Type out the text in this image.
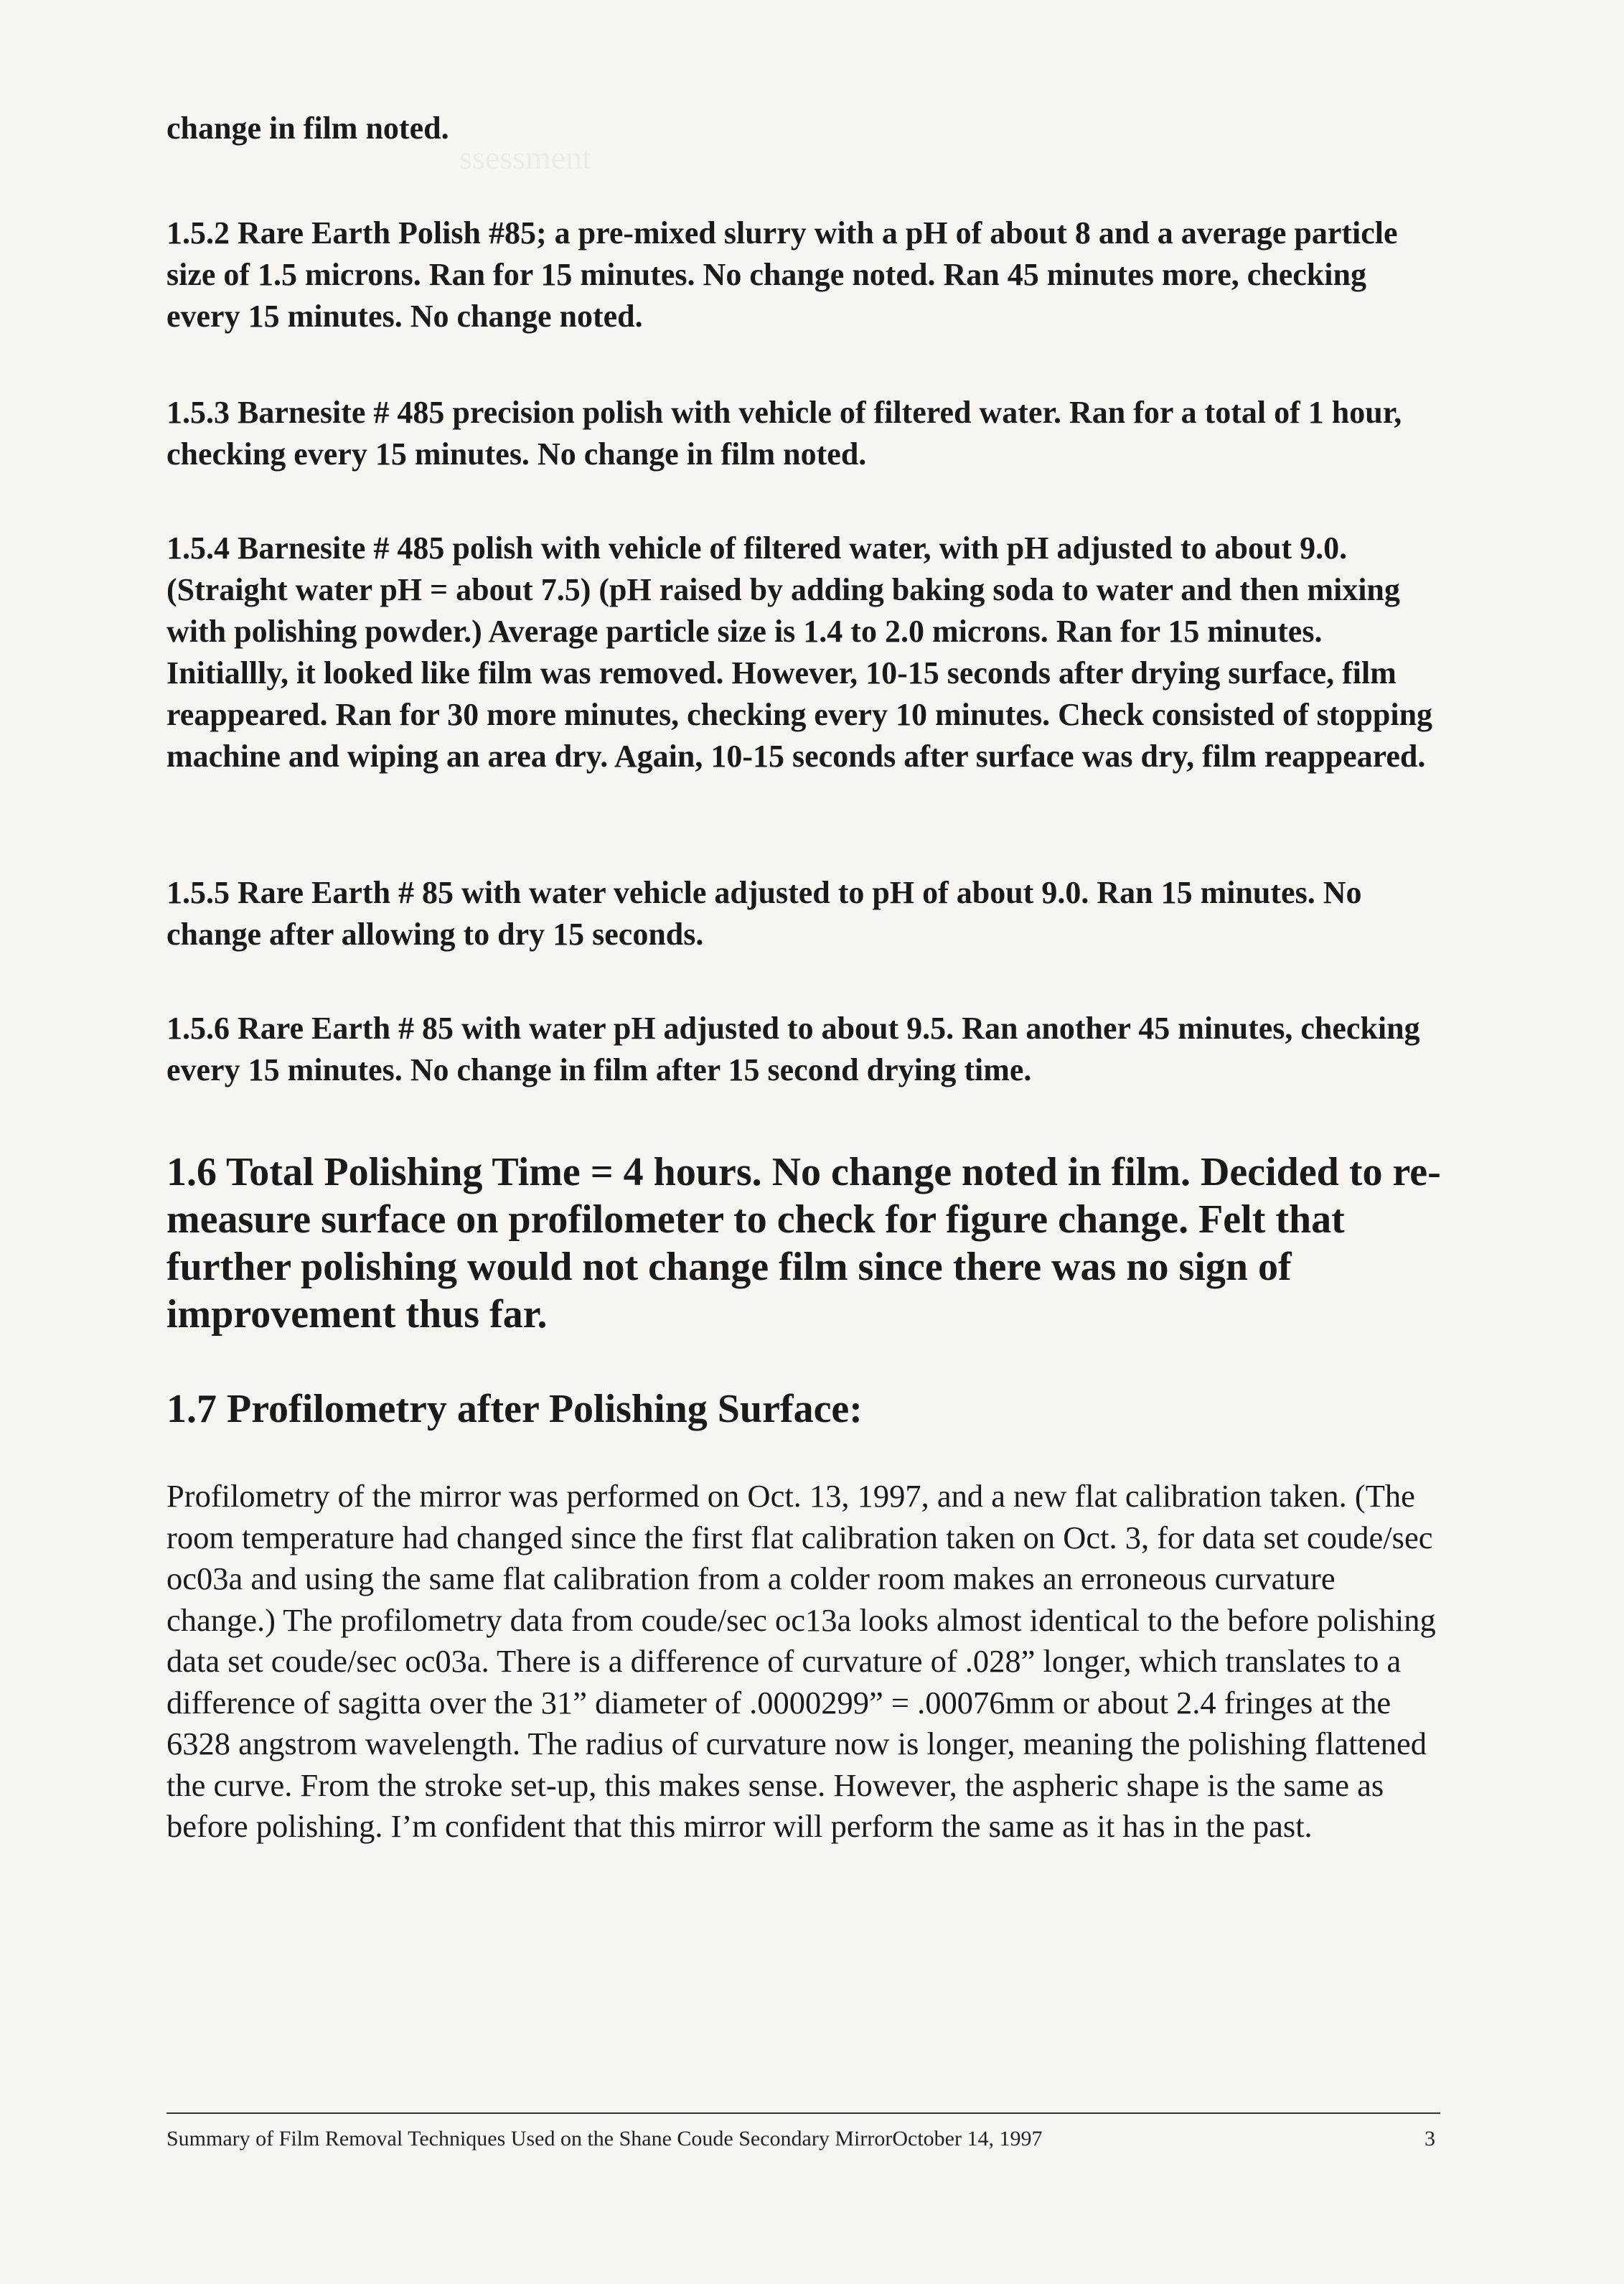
change in film noted.

1.5.2 Rare Earth Polish #85; a pre-mixed slurry with a pH of about 8 and a average particle size of 1.5 microns. Ran for 15 minutes. No change noted. Ran 45 minutes more, checking every 15 minutes. No change noted.

1.5.3 Barnesite # 485 precision polish with vehicle of filtered water. Ran for a total of 1 hour, checking every 15 minutes. No change in film noted.

1.5.4 Barnesite # 485 polish with vehicle of filtered water, with pH adjusted to about 9.0. (Straight water pH = about 7.5) (pH raised by adding baking soda to water and then mixing with polishing powder.) Average particle size is 1.4 to 2.0 microns. Ran for 15 minutes. Initiallly, it looked like film was removed. However, 10-15 seconds after drying surface, film reappeared. Ran for 30 more minutes, checking every 10 minutes. Check consisted of stopping machine and wiping an area dry. Again, 10-15 seconds after surface was dry, film reappeared.

1.5.5 Rare Earth # 85 with water vehicle adjusted to pH of about 9.0. Ran 15 minutes. No change after allowing to dry 15 seconds.

1.5.6 Rare Earth # 85 with water pH adjusted to about 9.5. Ran another 45 minutes, checking every 15 minutes. No change in film after 15 second drying time.

1.6 Total Polishing Time = 4 hours. No change noted in film. Decided to re-measure surface on profilometer to check for figure change. Felt that further polishing would not change film since there was no sign of improvement thus far.

1.7 Profilometry after Polishing Surface:

Profilometry of the mirror was performed on Oct. 13, 1997, and a new flat calibration taken. (The room temperature had changed since the first flat calibration taken on Oct. 3, for data set coude/sec oc03a and using the same flat calibration from a colder room makes an erroneous curvature change.) The profilometry data from coude/sec oc13a looks almost identical to the before polishing data set coude/sec oc03a. There is a difference of curvature of .028” longer, which translates to a difference of sagitta over the 31” diameter of .0000299” = .00076mm or about 2.4 fringes at the 6328 angstrom wavelength. The radius of curvature now is longer, meaning the polishing flattened the curve. From the stroke set-up, this makes sense. However, the aspheric shape is the same as before polishing. I’m confident that this mirror will perform the same as it has in the past.

Summary of Film Removal Techniques Used on the Shane Coude Secondary MirrorOctober 14, 1997	3
